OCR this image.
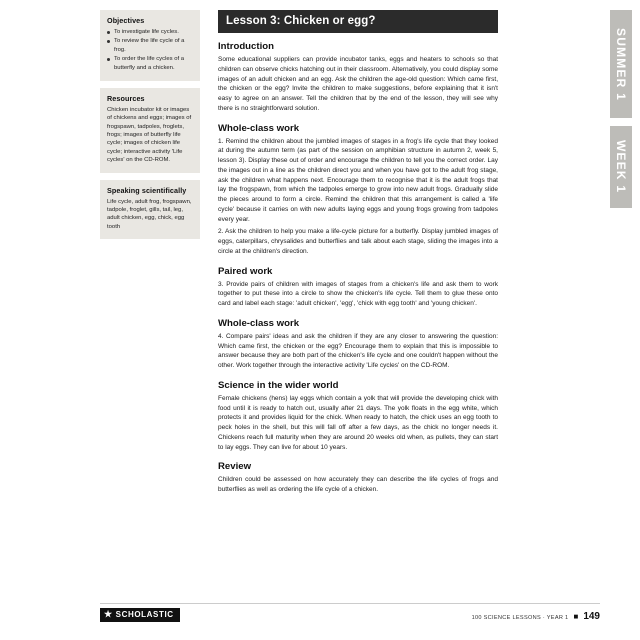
Objectives
To investigate life cycles.
To review the life cycle of a frog.
To order the life cycles of a butterfly and a chicken.
Resources

Chicken incubator kit or images of chickens and eggs; images of frogspawn, tadpoles, froglets, frogs; images of butterfly life cycle; images of chicken life cycle; interactive activity 'Life cycles' on the CD-ROM.

Speaking scientifically

Life cycle, adult frog, frogspawn, tadpole, froglet, gills, tail, leg, adult chicken, egg, chick, egg tooth

Lesson 3: Chicken or egg?
Introduction

Some educational suppliers can provide incubator tanks, eggs and heaters to schools so that children can observe chicks hatching out in their classroom. Alternatively, you could display some images of an adult chicken and an egg. Ask the children the age-old question: Which came first, the chicken or the egg? Invite the children to make suggestions, before explaining that it isn't easy to agree on an answer. Tell the children that by the end of the lesson, they will see why there is no straightforward solution.

Whole-class work

1. Remind the children about the jumbled images of stages in a frog's life cycle that they looked at during the autumn term (as part of the session on amphibian structure in autumn 2, week 5, lesson 3). Display these out of order and encourage the children to tell you the correct order. Lay the images out in a line as the children direct you and when you have got to the adult frog stage, ask the children what happens next. Encourage them to recognise that it is the adult frogs that lay the frogspawn, from which the tadpoles emerge to grow into new adult frogs. Gradually slide the pieces around to form a circle. Remind the children that this arrangement is called a 'life cycle' because it carries on with new adults laying eggs and young frogs growing from tadpoles every year.

2. Ask the children to help you make a life-cycle picture for a butterfly. Display jumbled images of eggs, caterpillars, chrysalides and butterflies and talk about each stage, sliding the images into a circle at the children's direction.

Paired work

3. Provide pairs of children with images of stages from a chicken's life and ask them to work together to put these into a circle to show the chicken's life cycle. Tell them to glue these onto card and label each stage: 'adult chicken', 'egg', 'chick with egg tooth' and 'young chicken'.

Whole-class work

4. Compare pairs' ideas and ask the children if they are any closer to answering the question: Which came first, the chicken or the egg? Encourage them to explain that this is impossible to answer because they are both part of the chicken's life cycle and one couldn't happen without the other. Work together through the interactive activity 'Life cycles' on the CD-ROM.

Science in the wider world

Female chickens (hens) lay eggs which contain a yolk that will provide the developing chick with food until it is ready to hatch out, usually after 21 days. The yolk floats in the egg white, which protects it and provides liquid for the chick. When ready to hatch, the chick uses an egg tooth to peck holes in the shell, but this will fall off after a few days, as the chick no longer needs it. Chickens reach full maturity when they are around 20 weeks old when, as pullets, they can start to lay eggs. They can live for about 10 years.

Review

Children could be assessed on how accurately they can describe the life cycles of frogs and butterflies as well as ordering the life cycle of a chicken.

SUMMER 1
WEEK 1
★ SCHOLASTIC	100 SCIENCE LESSONS · YEAR 1 ■ 149
